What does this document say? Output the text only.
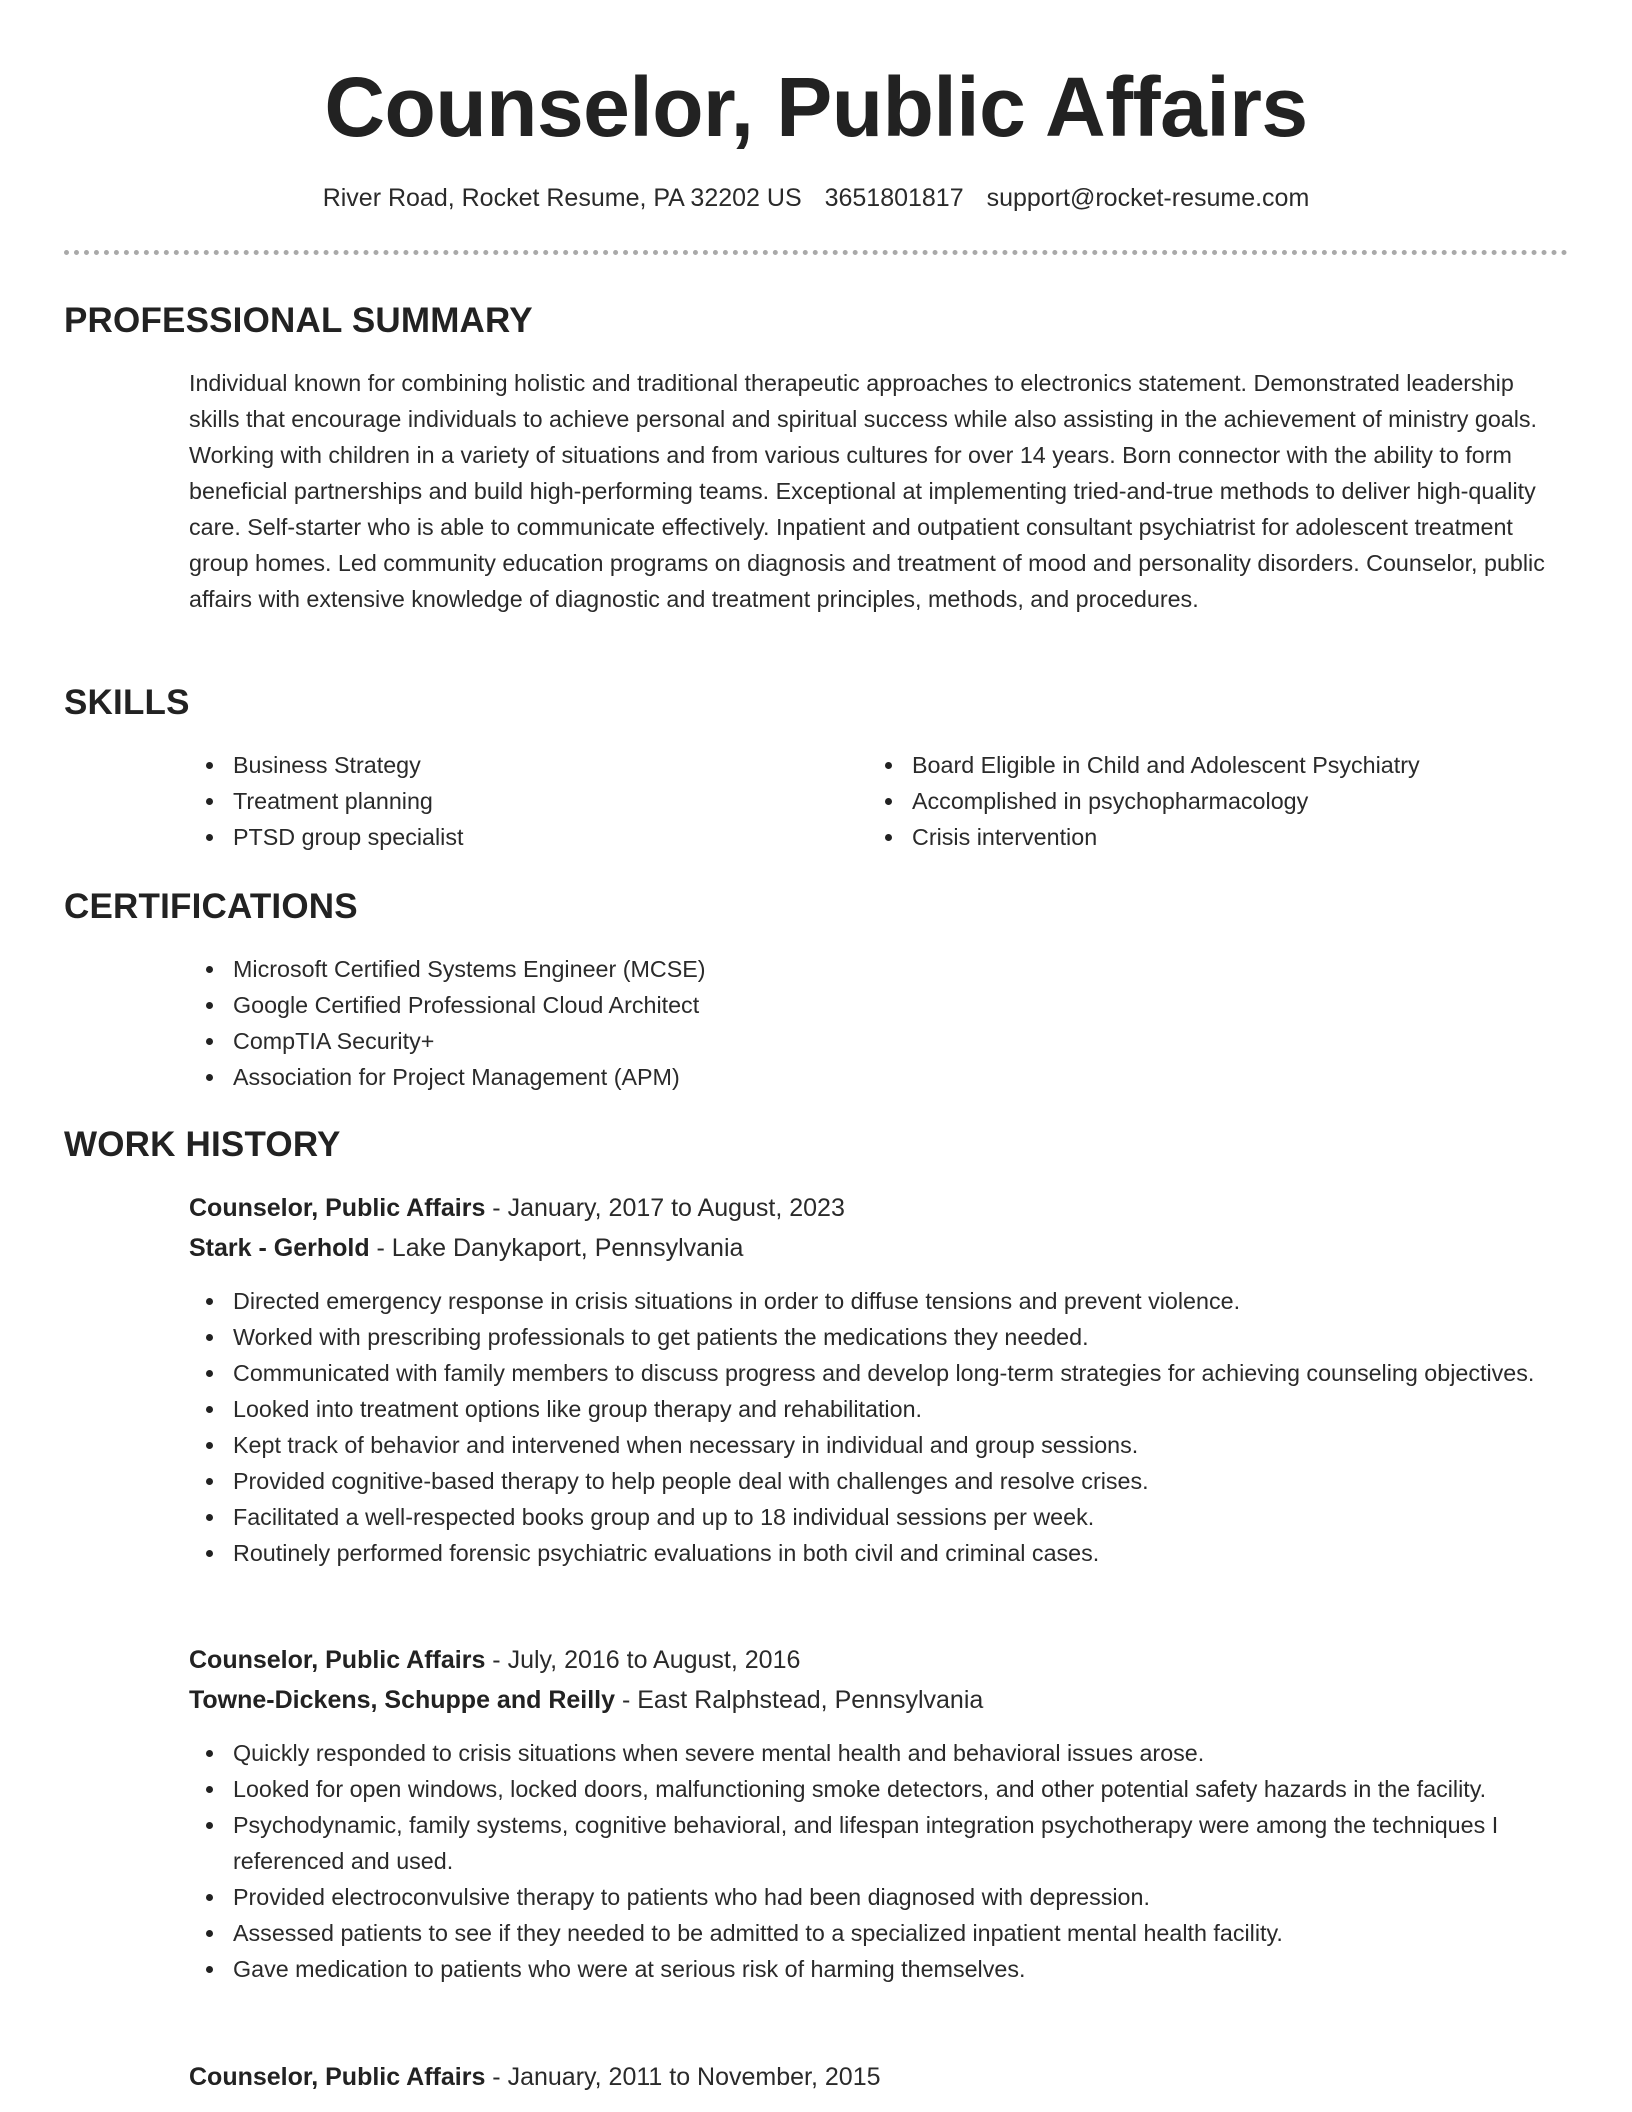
Counselor, Public Affairs
River Road, Rocket Resume, PA 32202 US 3651801817 support@rocket-resume.com
PROFESSIONAL SUMMARY
Individual known for combining holistic and traditional therapeutic approaches to electronics statement. Demonstrated leadership skills that encourage individuals to achieve personal and spiritual success while also assisting in the achievement of ministry goals. Working with children in a variety of situations and from various cultures for over 14 years. Born connector with the ability to form beneficial partnerships and build high-performing teams. Exceptional at implementing tried-and-true methods to deliver high-quality care. Self-starter who is able to communicate effectively. Inpatient and outpatient consultant psychiatrist for adolescent treatment group homes. Led community education programs on diagnosis and treatment of mood and personality disorders. Counselor, public affairs with extensive knowledge of diagnostic and treatment principles, methods, and procedures.
SKILLS
Business Strategy
Treatment planning
PTSD group specialist
Board Eligible in Child and Adolescent Psychiatry
Accomplished in psychopharmacology
Crisis intervention
CERTIFICATIONS
Microsoft Certified Systems Engineer (MCSE)
Google Certified Professional Cloud Architect
CompTIA Security+
Association for Project Management (APM)
WORK HISTORY
Counselor, Public Affairs - January, 2017 to August, 2023
Stark - Gerhold - Lake Danykaport, Pennsylvania
Directed emergency response in crisis situations in order to diffuse tensions and prevent violence.
Worked with prescribing professionals to get patients the medications they needed.
Communicated with family members to discuss progress and develop long-term strategies for achieving counseling objectives.
Looked into treatment options like group therapy and rehabilitation.
Kept track of behavior and intervened when necessary in individual and group sessions.
Provided cognitive-based therapy to help people deal with challenges and resolve crises.
Facilitated a well-respected books group and up to 18 individual sessions per week.
Routinely performed forensic psychiatric evaluations in both civil and criminal cases.
Counselor, Public Affairs - July, 2016 to August, 2016
Towne-Dickens, Schuppe and Reilly - East Ralphstead, Pennsylvania
Quickly responded to crisis situations when severe mental health and behavioral issues arose.
Looked for open windows, locked doors, malfunctioning smoke detectors, and other potential safety hazards in the facility.
Psychodynamic, family systems, cognitive behavioral, and lifespan integration psychotherapy were among the techniques I referenced and used.
Provided electroconvulsive therapy to patients who had been diagnosed with depression.
Assessed patients to see if they needed to be admitted to a specialized inpatient mental health facility.
Gave medication to patients who were at serious risk of harming themselves.
Counselor, Public Affairs - January, 2011 to November, 2015
